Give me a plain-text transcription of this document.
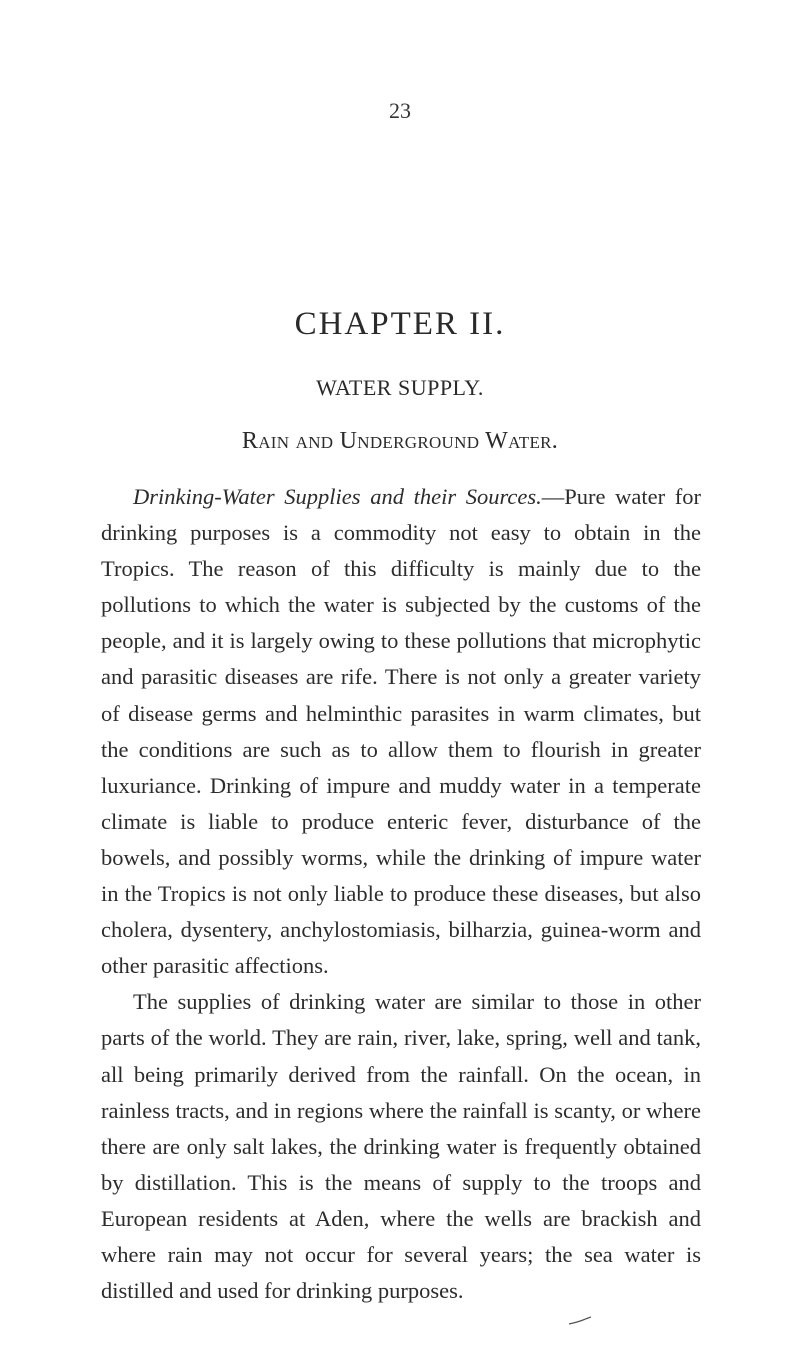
23
CHAPTER II.
WATER SUPPLY.
Rain and Underground Water.

Drinking-Water Supplies and their Sources.—Pure water for drinking purposes is a commodity not easy to obtain in the Tropics. The reason of this difficulty is mainly due to the pollutions to which the water is subjected by the customs of the people, and it is largely owing to these pollutions that microphytic and parasitic diseases are rife. There is not only a greater variety of disease germs and helminthic parasites in warm climates, but the conditions are such as to allow them to flourish in greater luxuriance. Drinking of impure and muddy water in a temperate climate is liable to produce enteric fever, disturbance of the bowels, and possibly worms, while the drinking of impure water in the Tropics is not only liable to produce these diseases, but also cholera, dysentery, anchylostomiasis, bilharzia, guinea-worm and other parasitic affections.

The supplies of drinking water are similar to those in other parts of the world. They are rain, river, lake, spring, well and tank, all being primarily derived from the rainfall. On the ocean, in rainless tracts, and in regions where the rainfall is scanty, or where there are only salt lakes, the drinking water is frequently obtained by distillation. This is the means of supply to the troops and European residents at Aden, where the wells are brackish and where rain may not occur for several years; the sea water is distilled and used for drinking purposes.
